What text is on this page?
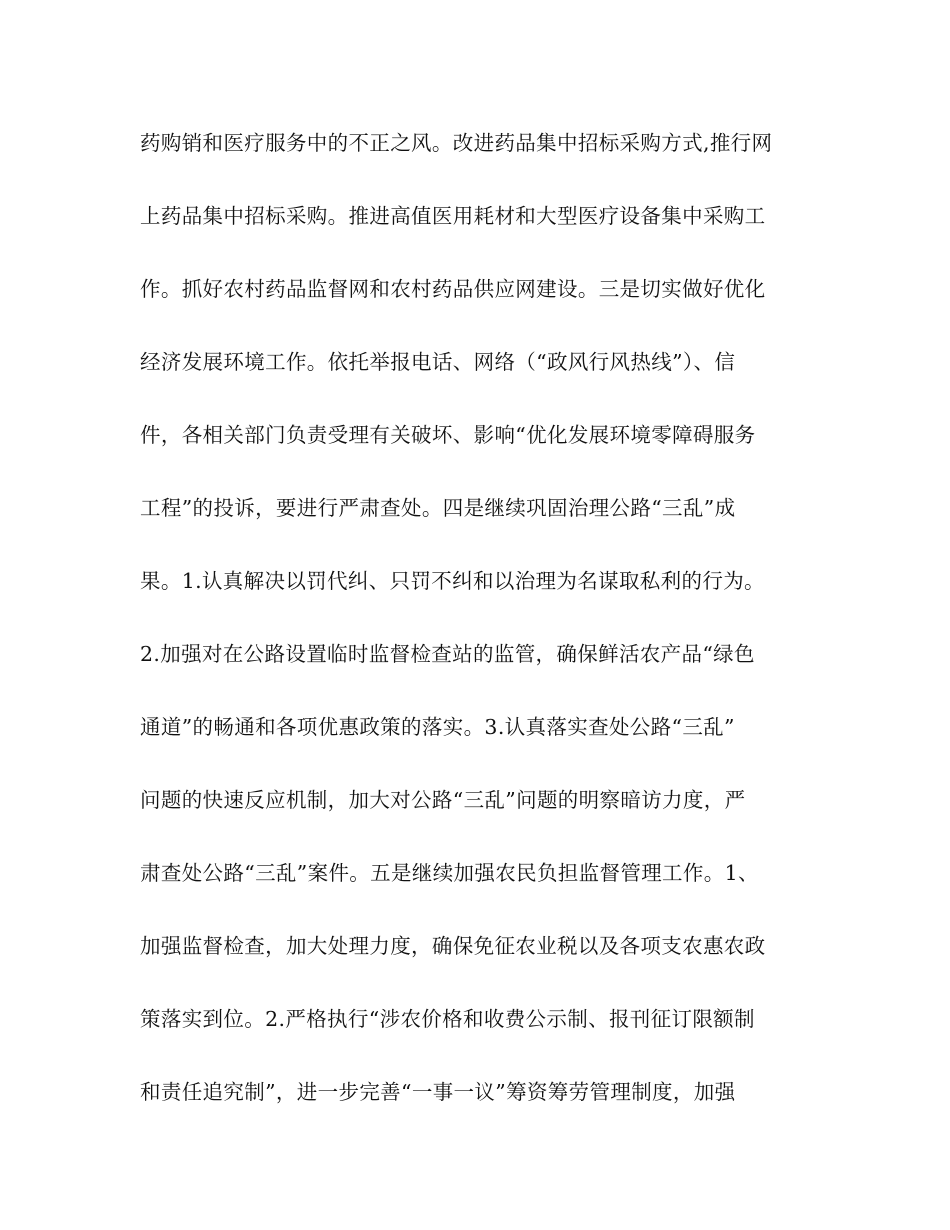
药购销和医疗服务中的不正之风。改进药品集中招标采购方式,推行网
上药品集中招标采购。推进高值医用耗材和大型医疗设备集中采购工
作。抓好农村药品监督网和农村药品供应网建设。三是切实做好优化
经济发展环境工作。依托举报电话、网络（“政风行风热线”）、信
件，各相关部门负责受理有关破坏、影响“优化发展环境零障碍服务
工程”的投诉，要进行严肃查处。四是继续巩固治理公路“三乱”成
果。1.认真解决以罚代纠、只罚不纠和以治理为名谋取私利的行为。
2.加强对在公路设置临时监督检查站的监管，确保鲜活农产品“绿色
通道”的畅通和各项优惠政策的落实。3.认真落实查处公路“三乱”
问题的快速反应机制，加大对公路“三乱”问题的明察暗访力度，严
肃查处公路“三乱”案件。五是继续加强农民负担监督管理工作。1、
加强监督检查，加大处理力度，确保免征农业税以及各项支农惠农政
策落实到位。2.严格执行“涉农价格和收费公示制、报刊征订限额制
和责任追究制”，进一步完善“一事一议”筹资筹劳管理制度，加强
